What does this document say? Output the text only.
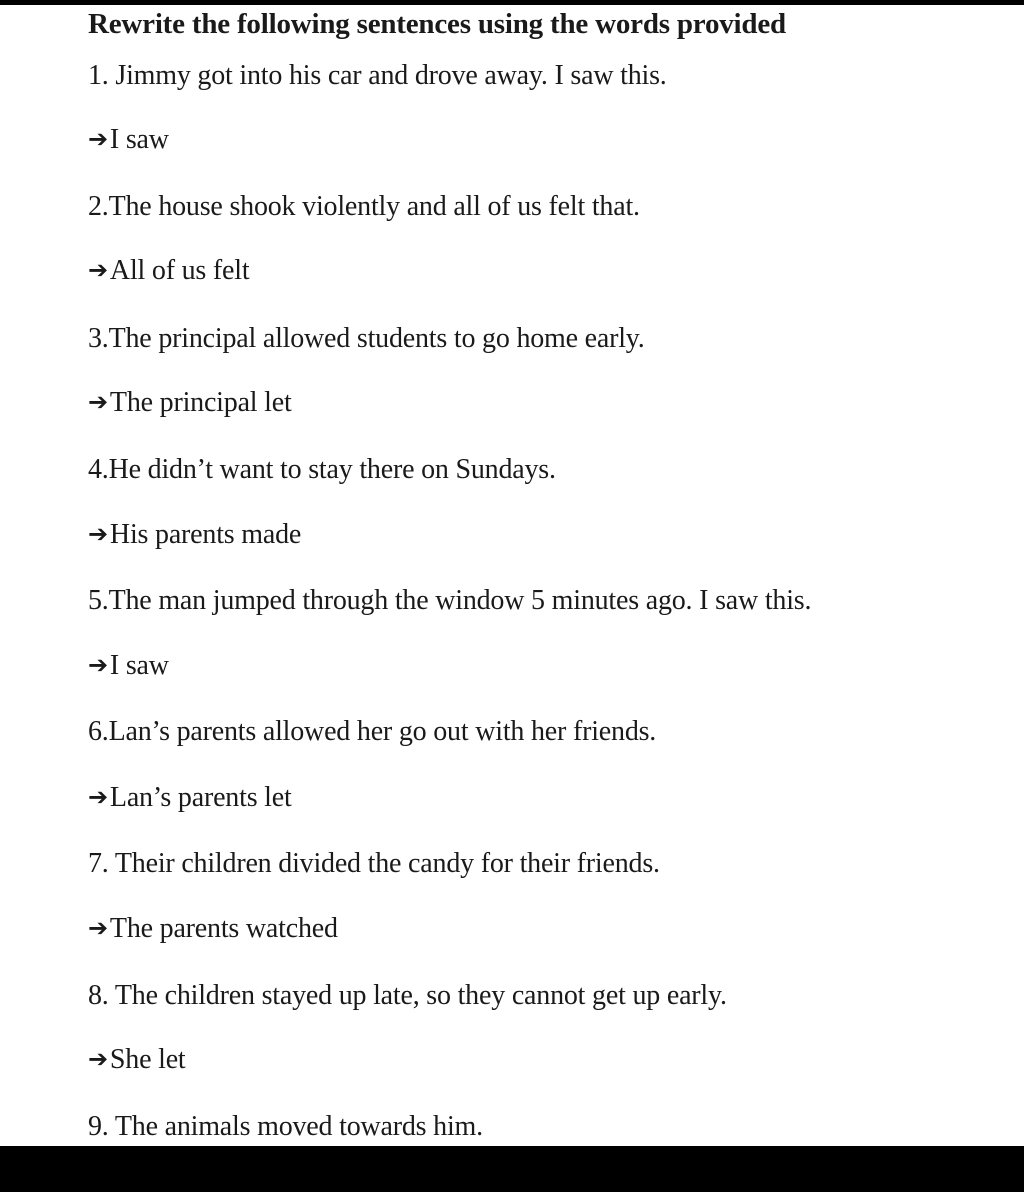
Rewrite the following sentences using the words provided
1. Jimmy got into his car and drove away. I saw this.
➔I saw
2.The house shook violently and all of us felt that.
➔All of us felt
3.The principal allowed students to go home early.
➔The principal let
4.He didn’t want to stay there on Sundays.
➔His parents made
5.The man jumped through the window 5 minutes ago. I saw this.
➔I saw
6.Lan’s parents allowed her go out with her friends.
➔Lan’s parents let
7. Their children divided the candy for their friends.
➔The parents watched
8. The children stayed up late, so they cannot get up early.
➔She let
9. The animals moved towards him.
